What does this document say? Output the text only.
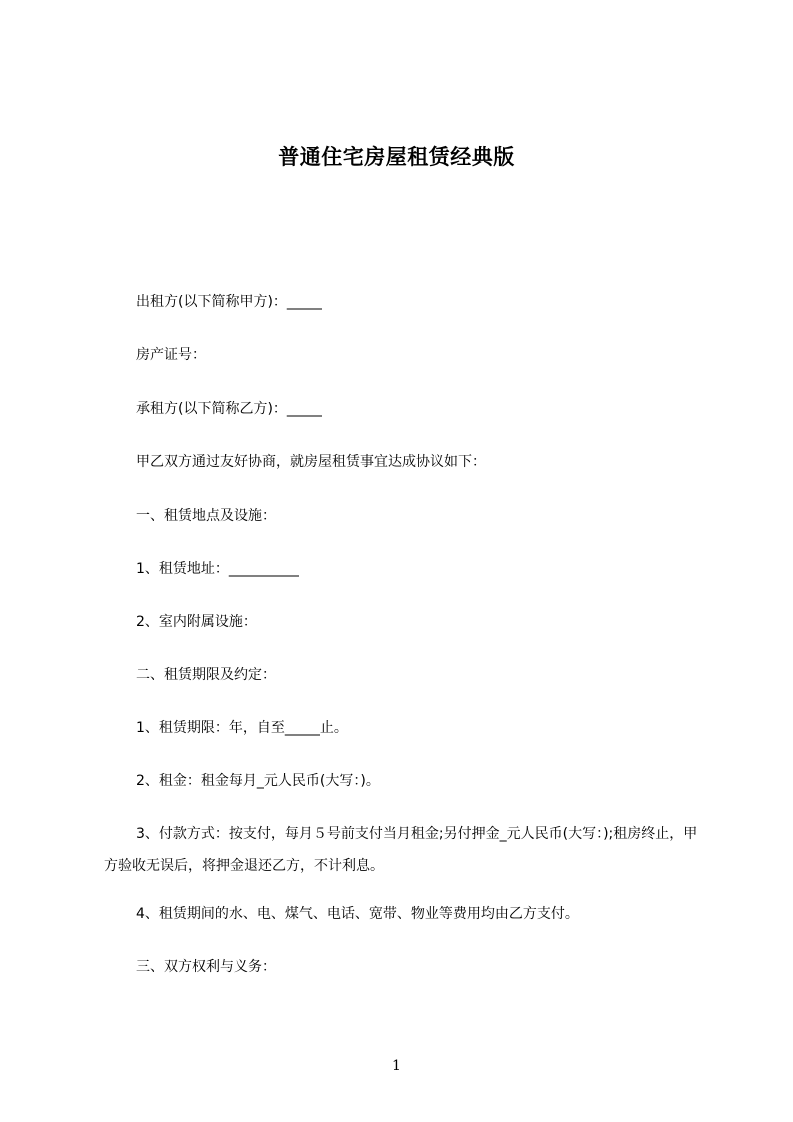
普通住宅房屋租赁经典版
出租方(以下简称甲方)：_____
房产证号：
承租方(以下简称乙方)：_____
甲乙双方通过友好协商，就房屋租赁事宜达成协议如下：
一、租赁地点及设施：
1、租赁地址：__________
2、室内附属设施：
二、租赁期限及约定：
1、租赁期限：年，自至_____止。
2、租金：租金每月_元人民币(大写：)。
3、付款方式：按支付，每月５号前支付当月租金;另付押金_元人民币(大写：);租房终止，甲方验收无误后，将押金退还乙方，不计利息。
4、租赁期间的水、电、煤气、电话、宽带、物业等费用均由乙方支付。
三、双方权利与义务：
1
